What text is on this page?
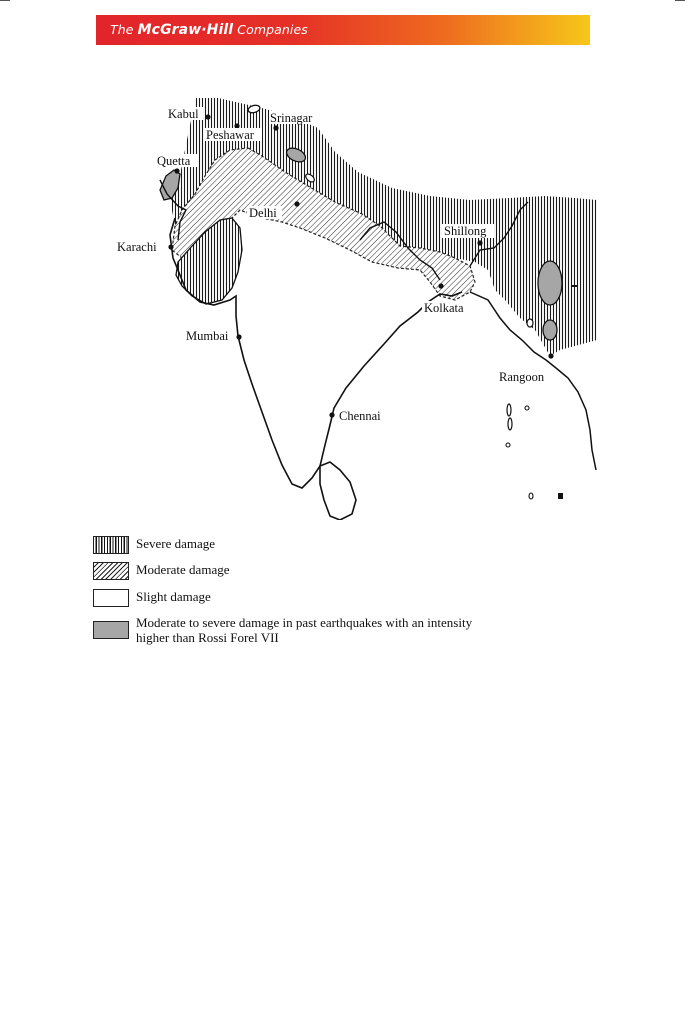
The McGraw·Hill Companies
Kabul	Srinagar
Peshawar
Quetta
Delhi
Karachi
Shillong
Kolkata
Mumbai
Rangoon
Chennai
Severe damage
Moderate damage
Slight damage
Moderate to severe damage in past earthquakes with an intensity higher than Rossi Forel VII
